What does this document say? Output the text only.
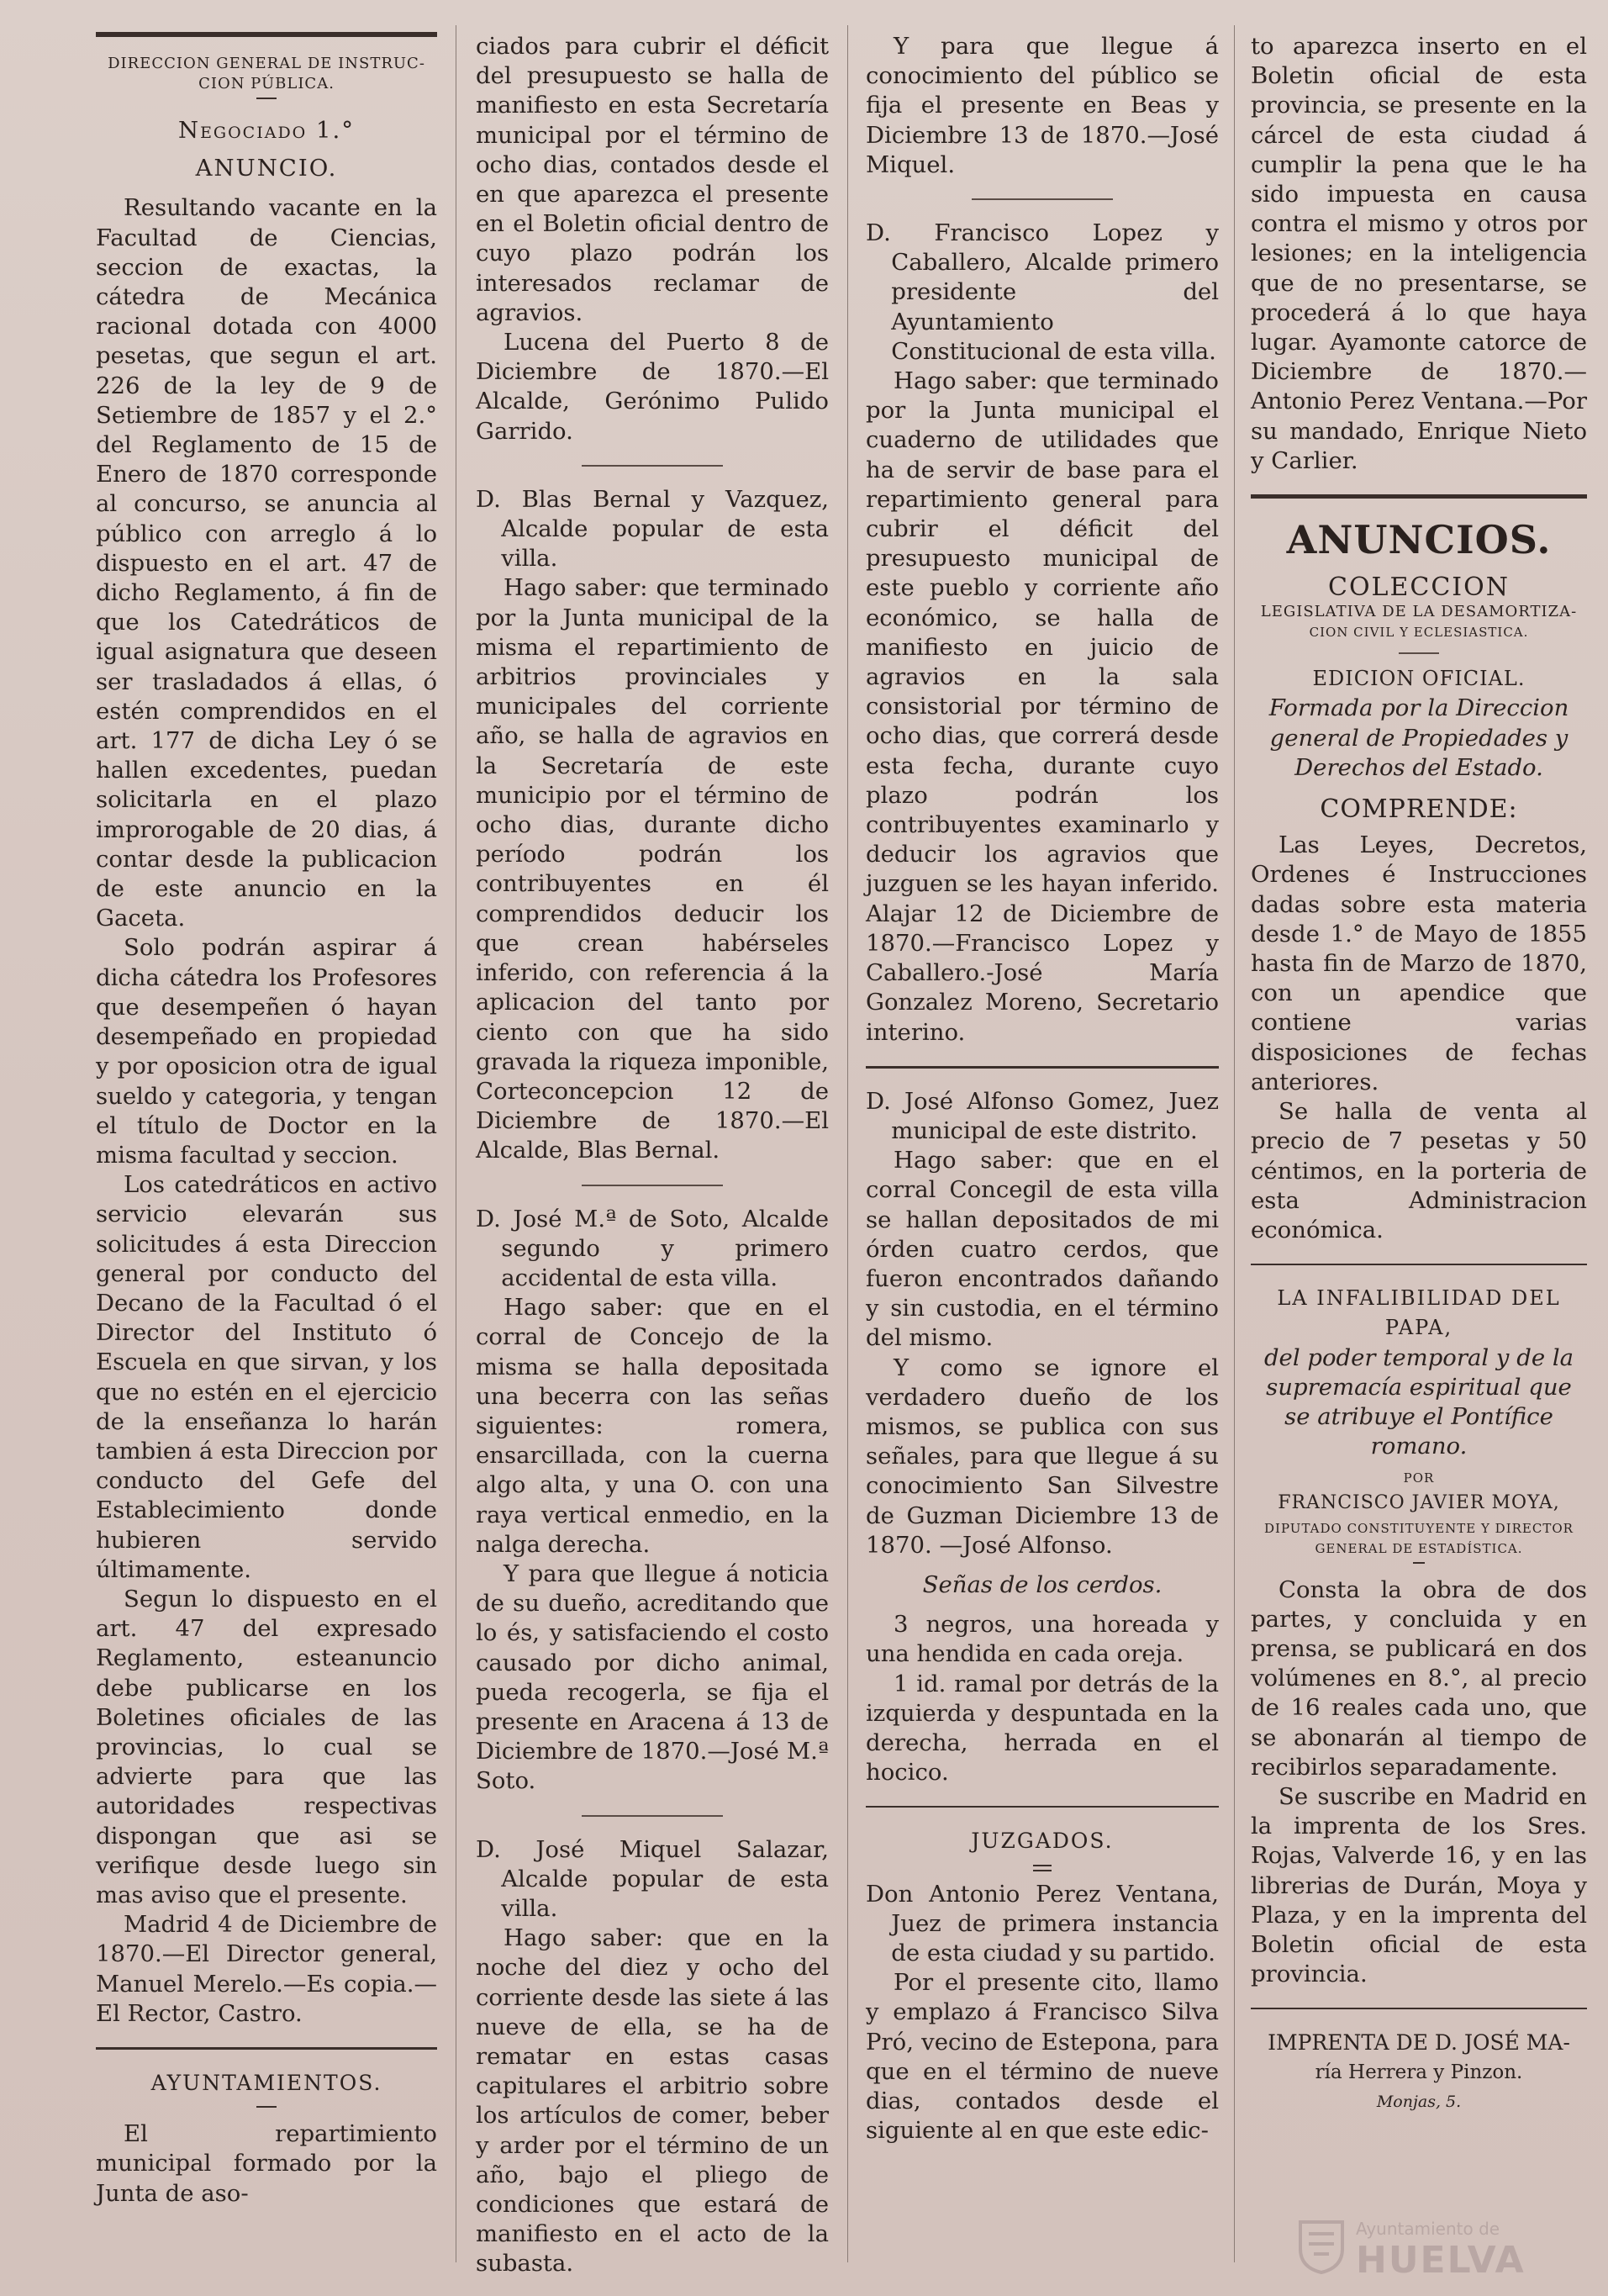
DIRECCION GENERAL DE INSTRUC-
CION PÚBLICA.
Negociado 1.°
ANUNCIO.

Resultando vacante en la Facultad de Ciencias, seccion de exactas, la cátedra de Mecánica racional dotada con 4000 pesetas, que segun el art. 226 de la ley de 9 de Setiembre de 1857 y el 2.° del Reglamento de 15 de Enero de 1870 corresponde al concurso, se anuncia al público con arreglo á lo dispuesto en el art. 47 de dicho Reglamento, á fin de que los Catedráticos de igual asignatura que deseen ser trasladados á ellas, ó estén comprendidos en el art. 177 de dicha Ley ó se hallen excedentes, puedan solicitarla en el plazo improrogable de 20 dias, á contar desde la publicacion de este anuncio en la Gaceta.

Solo podrán aspirar á dicha cátedra los Profesores que desempeñen ó hayan desempeñado en propiedad y por oposicion otra de igual sueldo y categoria, y tengan el título de Doctor en la misma facultad y seccion.

Los catedráticos en activo servicio elevarán sus solicitudes á esta Direccion general por conducto del Decano de la Facultad ó el Director del Instituto ó Escuela en que sirvan, y los que no estén en el ejercicio de la enseñanza lo harán tambien á esta Direccion por conducto del Gefe del Establecimiento donde hubieren servido últimamente.

Segun lo dispuesto en el art. 47 del expresado Reglamento, esteanuncio debe publicarse en los Boletines oficiales de las provincias, lo cual se advierte para que las autoridades respectivas dispongan que asi se verifique desde luego sin mas aviso que el presente.

Madrid 4 de Diciembre de 1870.—El Director general, Manuel Merelo.—Es copia.—El Rector, Castro.

AYUNTAMIENTOS.

El repartimiento municipal formado por la Junta de aso-

ciados para cubrir el déficit del presupuesto se halla de manifiesto en esta Secretaría municipal por el término de ocho dias, contados desde el en que aparezca el presente en el Boletin oficial dentro de cuyo plazo podrán los interesados reclamar de agravios.

Lucena del Puerto 8 de Diciembre de 1870.—El Alcalde, Gerónimo Pulido Garrido.

D. Blas Bernal y Vazquez, Alcalde popular de esta villa.

Hago saber: que terminado por la Junta municipal de la misma el repartimiento de arbitrios provinciales y municipales del corriente año, se halla de agravios en la Secretaría de este municipio por el término de ocho dias, durante dicho período podrán los contribuyentes en él comprendidos deducir los que crean habérseles inferido, con referencia á la aplicacion del tanto por ciento con que ha sido gravada la riqueza imponible, Corteconcepcion 12 de Diciembre de 1870.—El Alcalde, Blas Bernal.

D. José M.ª de Soto, Alcalde segundo y primero accidental de esta villa.

Hago saber: que en el corral de Concejo de la misma se halla depositada una becerra con las señas siguientes: romera, ensarcillada, con la cuerna algo alta, y una O. con una raya vertical enmedio, en la nalga derecha.

Y para que llegue á noticia de su dueño, acreditando que lo és, y satisfaciendo el costo causado por dicho animal, pueda recogerla, se fija el presente en Aracena á 13 de Diciembre de 1870.—José M.ª Soto.

D. José Miquel Salazar, Alcalde popular de esta villa.

Hago saber: que en la noche del diez y ocho del corriente desde las siete á las nueve de ella, se ha de rematar en estas casas capitulares el arbitrio sobre los artículos de comer, beber y arder por el término de un año, bajo el pliego de condiciones que estará de manifiesto en el acto de la subasta.

Y para que llegue á conocimiento del público se fija el presente en Beas y Diciembre 13 de 1870.—José Miquel.

D. Francisco Lopez y Caballero, Alcalde primero presidente del Ayuntamiento Constitucional de esta villa.

Hago saber: que terminado por la Junta municipal el cuaderno de utilidades que ha de servir de base para el repartimiento general para cubrir el déficit del presupuesto municipal de este pueblo y corriente año económico, se halla de manifiesto en juicio de agravios en la sala consistorial por término de ocho dias, que correrá desde esta fecha, durante cuyo plazo podrán los contribuyentes examinarlo y deducir los agravios que juzguen se les hayan inferido. Alajar 12 de Diciembre de 1870.—Francisco Lopez y Caballero.-José María Gonzalez Moreno, Secretario interino.

D. José Alfonso Gomez, Juez municipal de este distrito.

Hago saber: que en el corral Concegil de esta villa se hallan depositados de mi órden cuatro cerdos, que fueron encontrados dañando y sin custodia, en el término del mismo.

Y como se ignore el verdadero dueño de los mismos, se publica con sus señales, para que llegue á su conocimiento San Silvestre de Guzman Diciembre 13 de 1870. —José Alfonso.

Señas de los cerdos.

3 negros, una horeada y una hendida en cada oreja.

1 id. ramal por detrás de la izquierda y despuntada en la derecha, herrada en el hocico.

JUZGADOS.

Don Antonio Perez Ventana, Juez de primera instancia de esta ciudad y su partido.

Por el presente cito, llamo y emplazo á Francisco Silva Pró, vecino de Estepona, para que en el término de nueve dias, contados desde el siguiente al en que este edic-

to aparezca inserto en el Boletin oficial de esta provincia, se presente en la cárcel de esta ciudad á cumplir la pena que le ha sido impuesta en causa contra el mismo y otros por lesiones; en la inteligencia que de no presentarse, se procederá á lo que haya lugar. Ayamonte catorce de Diciembre de 1870.—Antonio Perez Ventana.—Por su mandado, Enrique Nieto y Carlier.

ANUNCIOS.
COLECCION
LEGISLATIVA DE LA DESAMORTIZA-
CION CIVIL Y ECLESIASTICA.
EDICION OFICIAL.
Formada por la Direccion general de Propiedades y Derechos del Estado.
COMPRENDE:

Las Leyes, Decretos, Ordenes é Instrucciones dadas sobre esta materia desde 1.° de Mayo de 1855 hasta fin de Marzo de 1870, con un apendice que contiene varias disposiciones de fechas anteriores.

Se halla de venta al precio de 7 pesetas y 50 céntimos, en la porteria de esta Administracion económica.

LA INFALIBILIDAD DEL PAPA,
del poder temporal y de la supremacía espiritual que se atribuye el Pontífice romano.
POR
FRANCISCO JAVIER MOYA,
DIPUTADO CONSTITUYENTE Y DIRECTOR
GENERAL DE ESTADÍSTICA.

Consta la obra de dos partes, y concluida y en prensa, se publicará en dos volúmenes en 8.°, al precio de 16 reales cada uno, que se abonarán al tiempo de recibirlos separadamente.

Se suscribe en Madrid en la imprenta de los Sres. Rojas, Valverde 16, y en las librerias de Durán, Moya y Plaza, y en la imprenta del Boletin oficial de esta provincia.

IMPRENTA DE D. JOSÉ MA-
ría Herrera y Pinzon.
Monjas, 5.
Ayuntamiento de
HUELVA
